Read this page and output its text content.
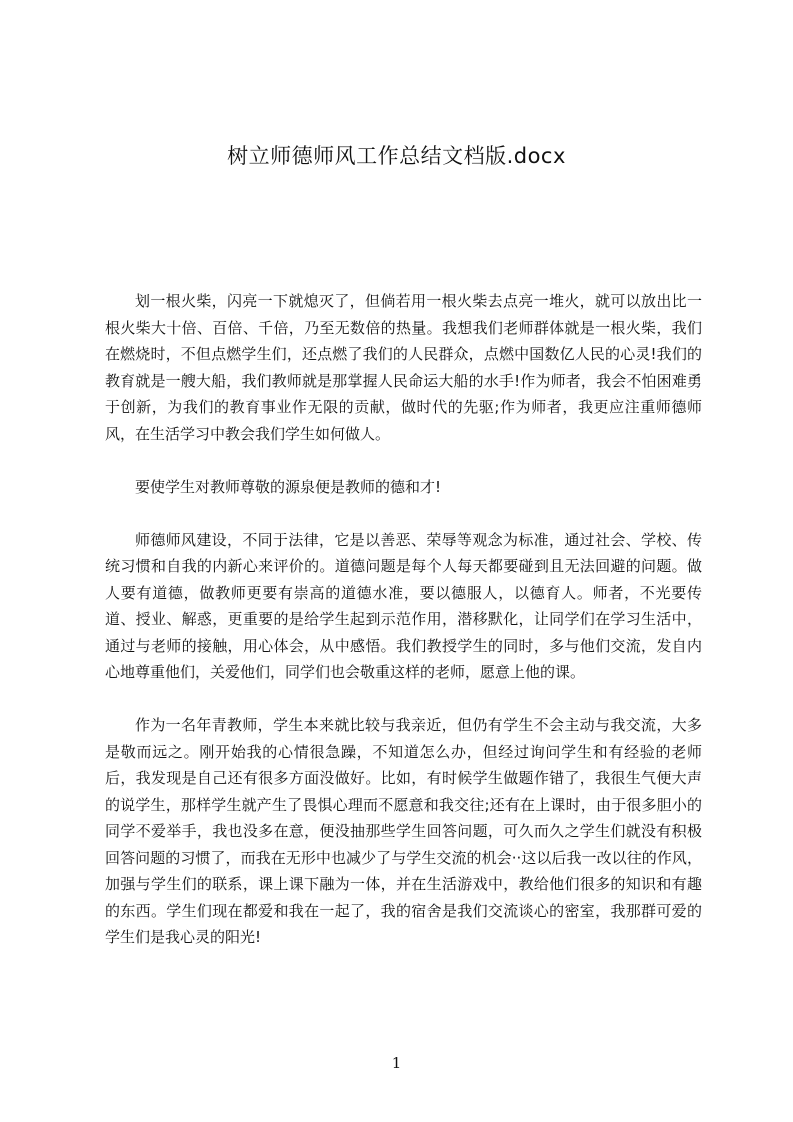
树立师德师风工作总结文档版.docx

划一根火柴，闪亮一下就熄灭了，但倘若用一根火柴去点亮一堆火，就可以放出比一根火柴大十倍、百倍、千倍，乃至无数倍的热量。我想我们老师群体就是一根火柴，我们在燃烧时，不但点燃学生们，还点燃了我们的人民群众，点燃中国数亿人民的心灵!我们的教育就是一艘大船，我们教师就是那掌握人民命运大船的水手!作为师者，我会不怕困难勇于创新，为我们的教育事业作无限的贡献，做时代的先驱;作为师者，我更应注重师德师风，在生活学习中教会我们学生如何做人。

要使学生对教师尊敬的源泉便是教师的德和才!

师德师风建设，不同于法律，它是以善恶、荣辱等观念为标准，通过社会、学校、传统习惯和自我的内新心来评价的。道德问题是每个人每天都要碰到且无法回避的问题。做人要有道德，做教师更要有崇高的道德水准，要以德服人，以德育人。师者，不光要传道、授业、解惑，更重要的是给学生起到示范作用，潜移默化，让同学们在学习生活中，通过与老师的接触，用心体会，从中感悟。我们教授学生的同时，多与他们交流，发自内心地尊重他们，关爱他们，同学们也会敬重这样的老师，愿意上他的课。

作为一名年青教师，学生本来就比较与我亲近，但仍有学生不会主动与我交流，大多是敬而远之。刚开始我的心情很急躁，不知道怎么办，但经过询问学生和有经验的老师后，我发现是自己还有很多方面没做好。比如，有时候学生做题作错了，我很生气便大声的说学生，那样学生就产生了畏惧心理而不愿意和我交往;还有在上课时，由于很多胆小的同学不爱举手，我也没多在意，便没抽那些学生回答问题，可久而久之学生们就没有积极回答问题的习惯了，而我在无形中也减少了与学生交流的机会··这以后我一改以往的作风，加强与学生们的联系，课上课下融为一体，并在生活游戏中，教给他们很多的知识和有趣的东西。学生们现在都爱和我在一起了，我的宿舍是我们交流谈心的密室，我那群可爱的学生们是我心灵的阳光!

1
